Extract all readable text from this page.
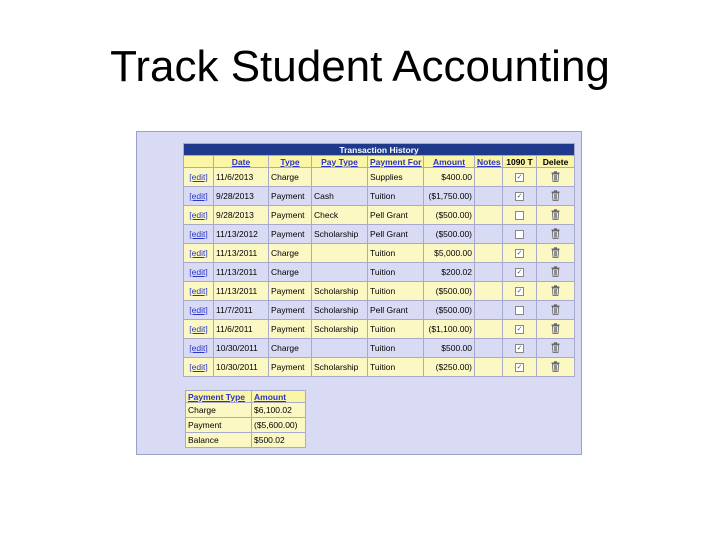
Track Student Accounting
Transaction History								
	Date	Type	Pay Type	Payment For	Amount	Notes	1090 T	Delete
[edit]	11/6/2013	Charge		Supplies	$400.00		✓	
[edit]	9/28/2013	Payment	Cash	Tuition	($1,750.00)		✓	
[edit]	9/28/2013	Payment	Check	Pell Grant	($500.00)			
[edit]	11/13/2012	Payment	Scholarship	Pell Grant	($500.00)			
[edit]	11/13/2011	Charge		Tuition	$5,000.00		✓	
[edit]	11/13/2011	Charge		Tuition	$200.02		✓	
[edit]	11/13/2011	Payment	Scholarship	Tuition	($500.00)		✓	
[edit]	11/7/2011	Payment	Scholarship	Pell Grant	($500.00)			
[edit]	11/6/2011	Payment	Scholarship	Tuition	($1,100.00)		✓	
[edit]	10/30/2011	Charge		Tuition	$500.00		✓	
[edit]	10/30/2011	Payment	Scholarship	Tuition	($250.00)		✓	
Payment Type	Amount
Charge	$6,100.02
Payment	($5,600.00)
Balance	$500.02
